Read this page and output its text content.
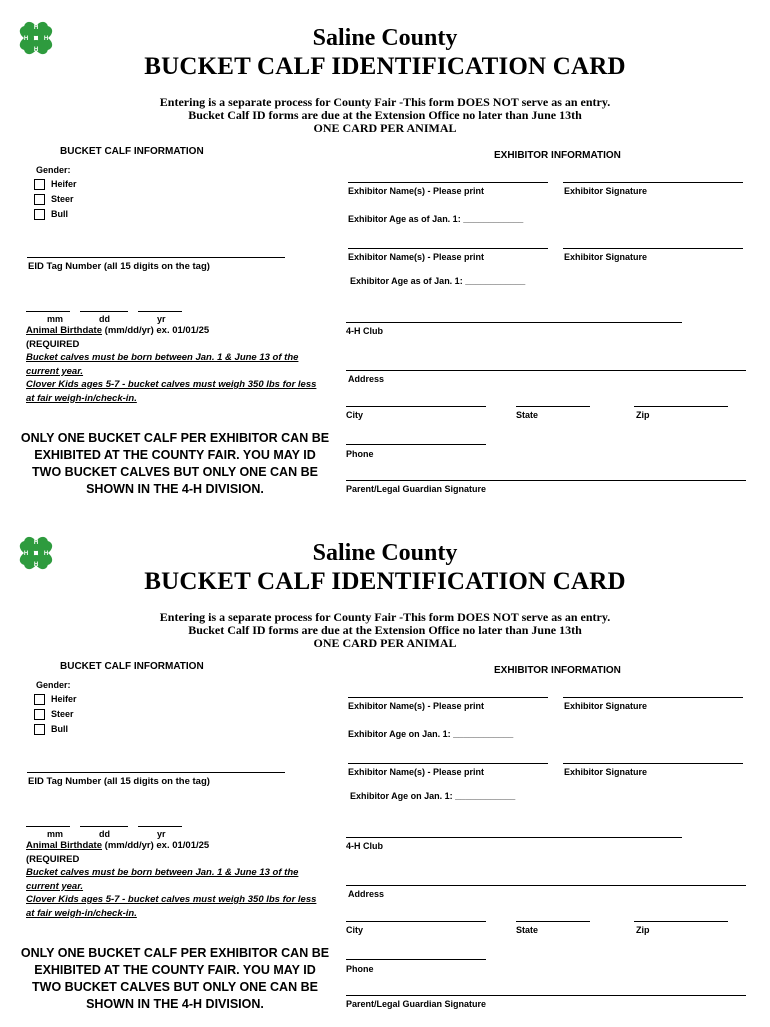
H
H
H
H	Saline County
BUCKET CALF IDENTIFICATION CARD
Entering is a separate process for County Fair -This form DOES NOT serve as an entry.
Bucket Calf ID forms are due at the Extension Office no later than June 13th
ONE CARD PER ANIMAL
BUCKET CALF INFORMATION
Gender:
Heifer
Steer
Bull
EID Tag Number (all 15 digits on the tag)
mm	dd	yr
Animal Birthdate (mm/dd/yr) ex. 01/01/25
(REQUIRED
Bucket calves must be born between Jan. 1 & June 13 of the current year.
Clover Kids ages 5-7 - bucket calves must weigh 350 lbs for less at fair weigh-in/check-in.
ONLY ONE BUCKET CALF PER EXHIBITOR CAN BE EXHIBITED AT THE COUNTY FAIR. YOU MAY ID TWO BUCKET CALVES BUT ONLY ONE CAN BE SHOWN IN THE 4-H DIVISION.
EXHIBITOR INFORMATION
Exhibitor Name(s) - Please print	Exhibitor Signature
Exhibitor Age as of Jan. 1: ____________
Exhibitor Name(s) - Please print	Exhibitor Signature
Exhibitor Age as of Jan. 1: ____________
4-H Club
Address
City	State	Zip
Phone
Parent/Legal Guardian Signature
H
H
H
H	Saline County
BUCKET CALF IDENTIFICATION CARD
Entering is a separate process for County Fair -This form DOES NOT serve as an entry.
Bucket Calf ID forms are due at the Extension Office no later than June 13th
ONE CARD PER ANIMAL
BUCKET CALF INFORMATION
Gender:
Heifer
Steer
Bull
EID Tag Number (all 15 digits on the tag)
mm	dd	yr
Animal Birthdate (mm/dd/yr) ex. 01/01/25
(REQUIRED
Bucket calves must be born between Jan. 1 & June 13 of the current year.
Clover Kids ages 5-7 - bucket calves must weigh 350 lbs for less at fair weigh-in/check-in.
ONLY ONE BUCKET CALF PER EXHIBITOR CAN BE EXHIBITED AT THE COUNTY FAIR. YOU MAY ID TWO BUCKET CALVES BUT ONLY ONE CAN BE SHOWN IN THE 4-H DIVISION.
EXHIBITOR INFORMATION
Exhibitor Name(s) - Please print	Exhibitor Signature
Exhibitor Age on Jan. 1: ____________
Exhibitor Name(s) - Please print	Exhibitor Signature
Exhibitor Age on Jan. 1: ____________
4-H Club
Address
City	State	Zip
Phone
Parent/Legal Guardian Signature
